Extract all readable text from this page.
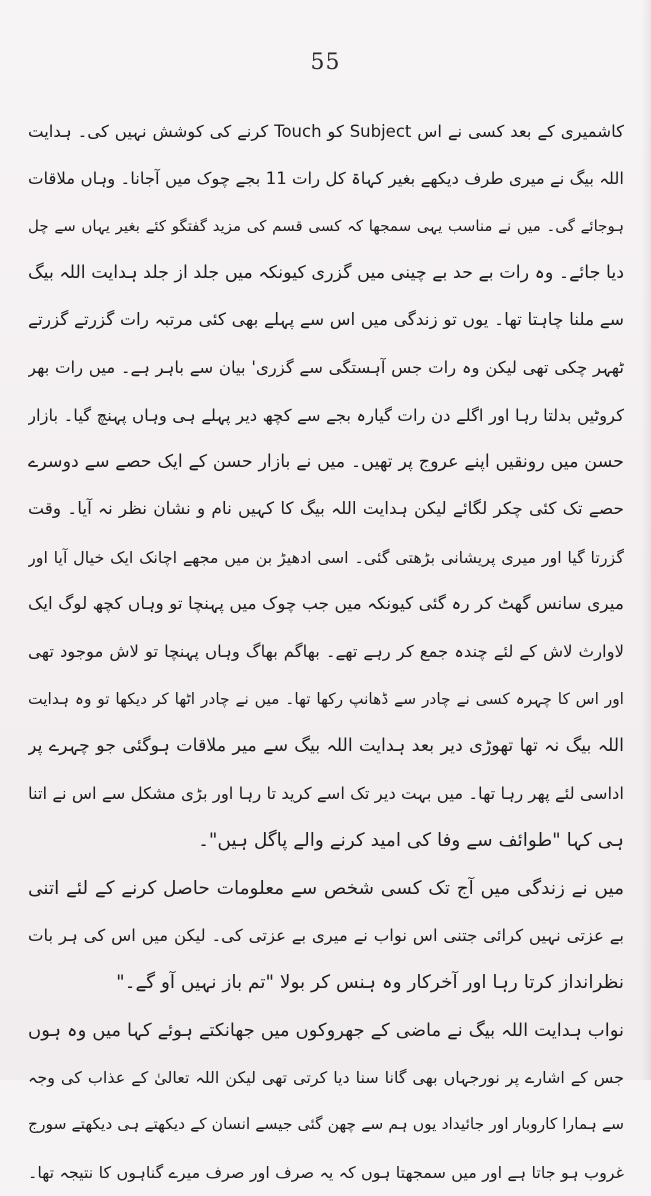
55
کاشمیری کے بعد کسی نے اس Subject کو Touch کرنے کی کوشش نہیں کی۔ ہدایت
اللہ بیگ نے میری طرف دیکھے بغیر کہاۃ کل رات 11 بجے چوک میں آجانا۔ وہاں ملاقات
ہوجائے گی۔ میں نے مناسب یہی سمجھا کہ کسی قسم کی مزید گفتگو کئے بغیر یہاں سے چل
دیا جائے۔ وہ رات بے حد بے چینی میں گزری کیونکہ میں جلد از جلد ہدایت اللہ بیگ
سے ملنا چاہتا تھا۔ یوں تو زندگی میں اس سے پہلے بھی کئی مرتبہ رات گزرتے گزرتے
ٹھہر چکی تھی لیکن وہ رات جس آہستگی سے گزری' بیان سے باہر ہے۔ میں رات بھر
کروٹیں بدلتا رہا اور اگلے دن رات گیارہ بجے سے کچھ دیر پہلے ہی وہاں پہنچ گیا۔ بازار
حسن میں رونقیں اپنے عروج پر تھیں۔ میں نے بازار حسن کے ایک حصے سے دوسرے
حصے تک کئی چکر لگائے لیکن ہدایت اللہ بیگ کا کہیں نام و نشان نظر نہ آیا۔ وقت
گزرتا گیا اور میری پریشانی بڑھتی گئی۔ اسی ادھیڑ بن میں مجھے اچانک ایک خیال آیا اور
میری سانس گھٹ کر رہ گئی کیونکہ میں جب چوک میں پہنچا تو وہاں کچھ لوگ ایک
لاوارث لاش کے لئے چندہ جمع کر رہے تھے۔ بھاگم بھاگ وہاں پہنچا تو لاش موجود تھی
اور اس کا چہرہ کسی نے چادر سے ڈھانپ رکھا تھا۔ میں نے چادر اٹھا کر دیکھا تو وہ ہدایت
اللہ بیگ نہ تھا تھوڑی دیر بعد ہدایت اللہ بیگ سے میر ملاقات ہوگئی جو چہرے پر
اداسی لئے پھر رہا تھا۔ میں بہت دیر تک اسے کرید تا رہا اور بڑی مشکل سے اس نے اتنا
ہی کہا "طوائف سے وفا کی امید کرنے والے پاگل ہیں"۔
میں نے زندگی میں آج تک کسی شخص سے معلومات حاصل کرنے کے لئے اتنی
بے عزتی نہیں کرائی جتنی اس نواب نے میری بے عزتی کی۔ لیکن میں اس کی ہر بات
نظرانداز کرتا رہا اور آخرکار وہ ہنس کر بولا "تم باز نہیں آو گے۔"
نواب ہدایت اللہ بیگ نے ماضی کے جھروکوں میں جھانکتے ہوئے کہا میں وہ ہوں
جس کے اشارے پر نورجہاں بھی گانا سنا دیا کرتی تھی لیکن اللہ تعالیٰ کے عذاب کی وجہ
سے ہمارا کاروبار اور جائیداد یوں ہم سے چھن گئی جیسے انسان کے دیکھتے ہی دیکھتے سورج
غروب ہو جاتا ہے اور میں سمجھتا ہوں کہ یہ صرف اور صرف میرے گناہوں کا نتیجہ تھا۔
